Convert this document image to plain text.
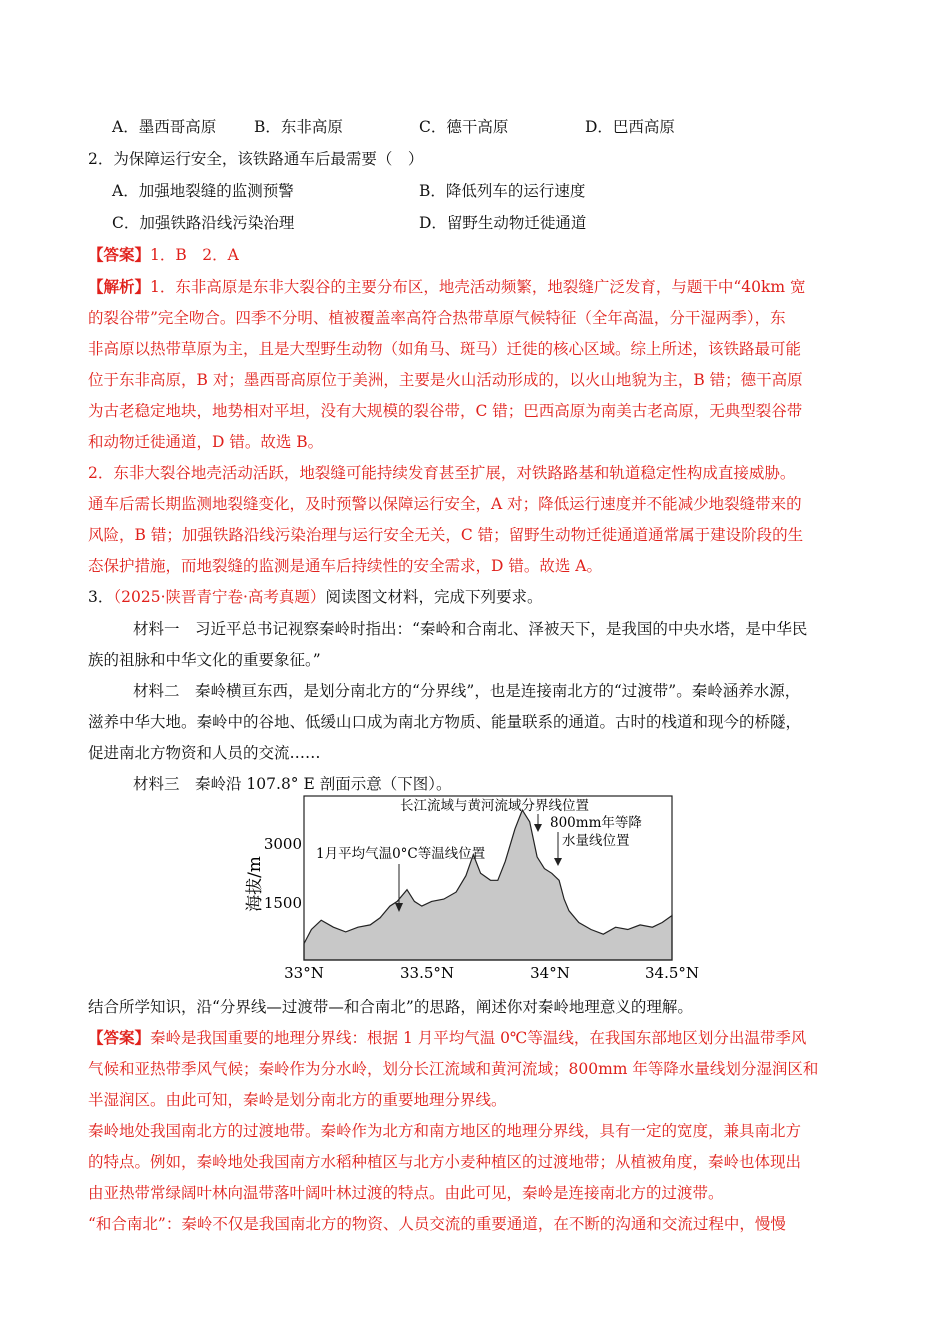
A．墨西哥高原 B．东非高原	C．德干高原	D．巴西高原
2．为保障运行安全，该铁路通车后最需要（　）
A．加强地裂缝的监测预警	B．降低列车的运行速度
C．加强铁路沿线污染治理	D．留野生动物迁徙通道
【答案】1．B　2．A
【解析】1．东非高原是东非大裂谷的主要分布区，地壳活动频繁，地裂缝广泛发育，与题干中“40km 宽
的裂谷带”完全吻合。四季不分明、植被覆盖率高符合热带草原气候特征（全年高温，分干湿两季），东
非高原以热带草原为主，且是大型野生动物（如角马、斑马）迁徙的核心区域。综上所述，该铁路最可能
位于东非高原，B 对；墨西哥高原位于美洲，主要是火山活动形成的，以火山地貌为主，B 错；德干高原
为古老稳定地块，地势相对平坦，没有大规模的裂谷带，C 错；巴西高原为南美古老高原，无典型裂谷带
和动物迁徙通道，D 错。故选 B。
2．东非大裂谷地壳活动活跃，地裂缝可能持续发育甚至扩展，对铁路路基和轨道稳定性构成直接威胁。
通车后需长期监测地裂缝变化，及时预警以保障运行安全，A 对；降低运行速度并不能减少地裂缝带来的
风险，B 错；加强铁路沿线污染治理与运行安全无关，C 错；留野生动物迁徙通道通常属于建设阶段的生
态保护措施，而地裂缝的监测是通车后持续性的安全需求，D 错。故选 A。
3．（2025·陕晋青宁卷·高考真题）阅读图文材料，完成下列要求。
材料一　习近平总书记视察秦岭时指出：“秦岭和合南北、泽被天下，是我国的中央水塔，是中华民
族的祖脉和中华文化的重要象征。”
材料二　秦岭横亘东西，是划分南北方的“分界线”，也是连接南北方的“过渡带”。秦岭涵养水源，
滋养中华大地。秦岭中的谷地、低缓山口成为南北方物质、能量联系的通道。古时的栈道和现今的桥隧，
促进南北方物资和人员的交流……
材料三　秦岭沿 107.8° E 剖面示意（下图）。
海拔/m
3000
1500
33°N	33.5°N	34°N	34.5°N
1月平均气温0°C等温线位置
长江流域与黄河流域分界线位置
800mm年等降
水量线位置
结合所学知识，沿“分界线—过渡带—和合南北”的思路，阐述你对秦岭地理意义的理解。
【答案】秦岭是我国重要的地理分界线：根据 1 月平均气温 0℃等温线，在我国东部地区划分出温带季风
气候和亚热带季风气候；秦岭作为分水岭，划分长江流域和黄河流域；800mm 年等降水量线划分湿润区和
半湿润区。由此可知，秦岭是划分南北方的重要地理分界线。
秦岭地处我国南北方的过渡地带。秦岭作为北方和南方地区的地理分界线，具有一定的宽度，兼具南北方
的特点。例如，秦岭地处我国南方水稻种植区与北方小麦种植区的过渡地带；从植被角度，秦岭也体现出
由亚热带常绿阔叶林向温带落叶阔叶林过渡的特点。由此可见，秦岭是连接南北方的过渡带。
“和合南北”：秦岭不仅是我国南北方的物资、人员交流的重要通道，在不断的沟通和交流过程中，慢慢
